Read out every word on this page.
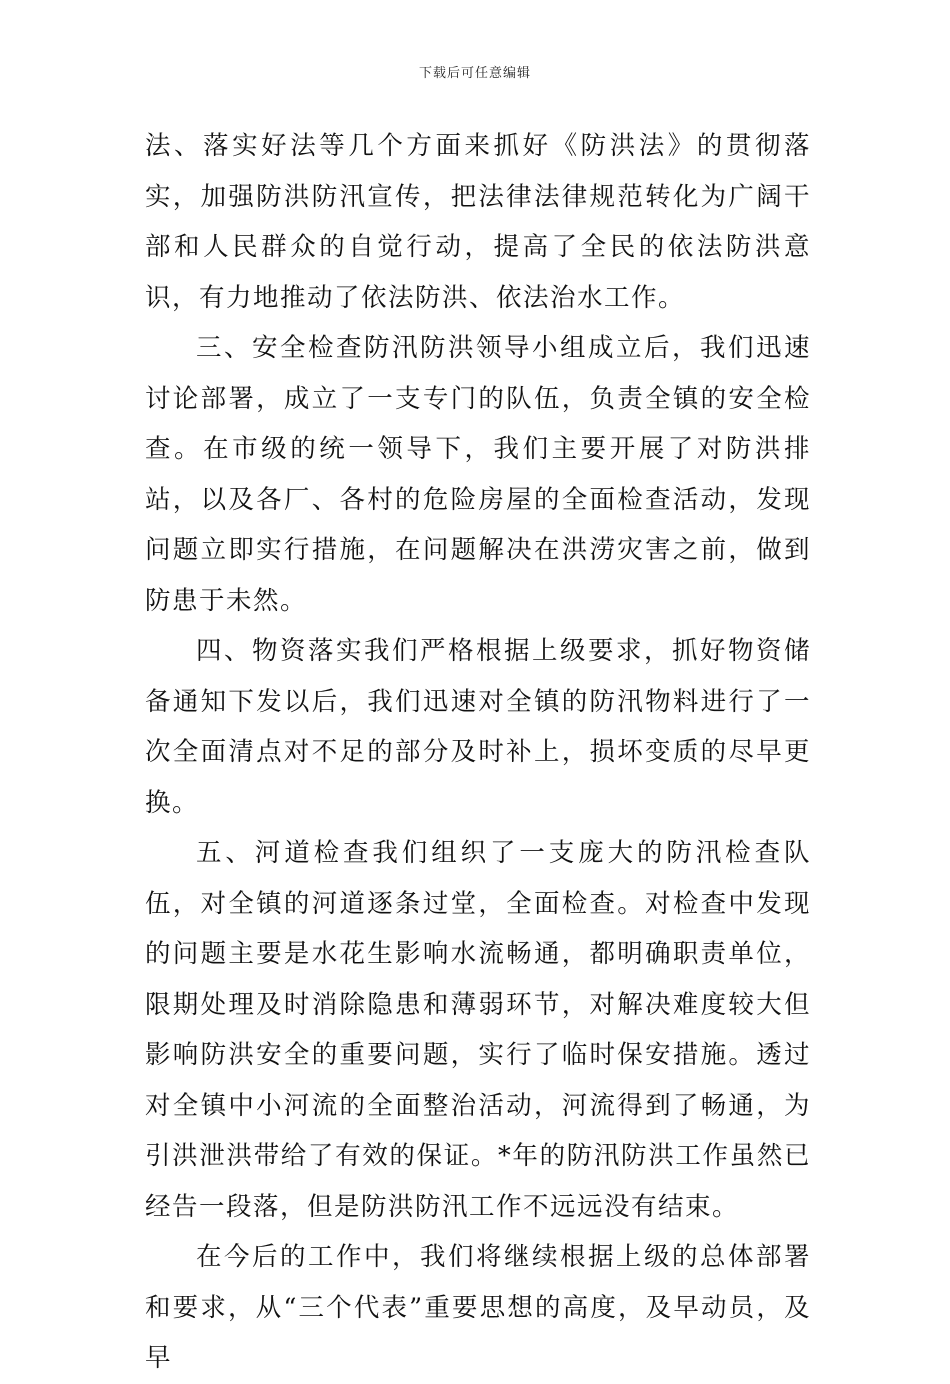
下载后可任意编辑

法、落实好法等几个方面来抓好《防洪法》的贯彻落实，加强防洪防汛宣传，把法律法律规范转化为广阔干部和人民群众的自觉行动，提高了全民的依法防洪意识，有力地推动了依法防洪、依法治水工作。

三、安全检查防汛防洪领导小组成立后，我们迅速讨论部署，成立了一支专门的队伍，负责全镇的安全检查。在市级的统一领导下，我们主要开展了对防洪排站，以及各厂、各村的危险房屋的全面检查活动，发现问题立即实行措施，在问题解决在洪涝灾害之前，做到防患于未然。

四、物资落实我们严格根据上级要求，抓好物资储备通知下发以后，我们迅速对全镇的防汛物料进行了一次全面清点对不足的部分及时补上，损坏变质的尽早更换。

五、河道检查我们组织了一支庞大的防汛检查队伍，对全镇的河道逐条过堂，全面检查。对检查中发现的问题主要是水花生影响水流畅通，都明确职责单位，限期处理及时消除隐患和薄弱环节，对解决难度较大但影响防洪安全的重要问题，实行了临时保安措施。透过对全镇中小河流的全面整治活动，河流得到了畅通，为引洪泄洪带给了有效的保证。*年的防汛防洪工作虽然已经告一段落，但是防洪防汛工作不远远没有结束。

在今后的工作中，我们将继续根据上级的总体部署和要求，从“三个代表”重要思想的高度，及早动员，及早
